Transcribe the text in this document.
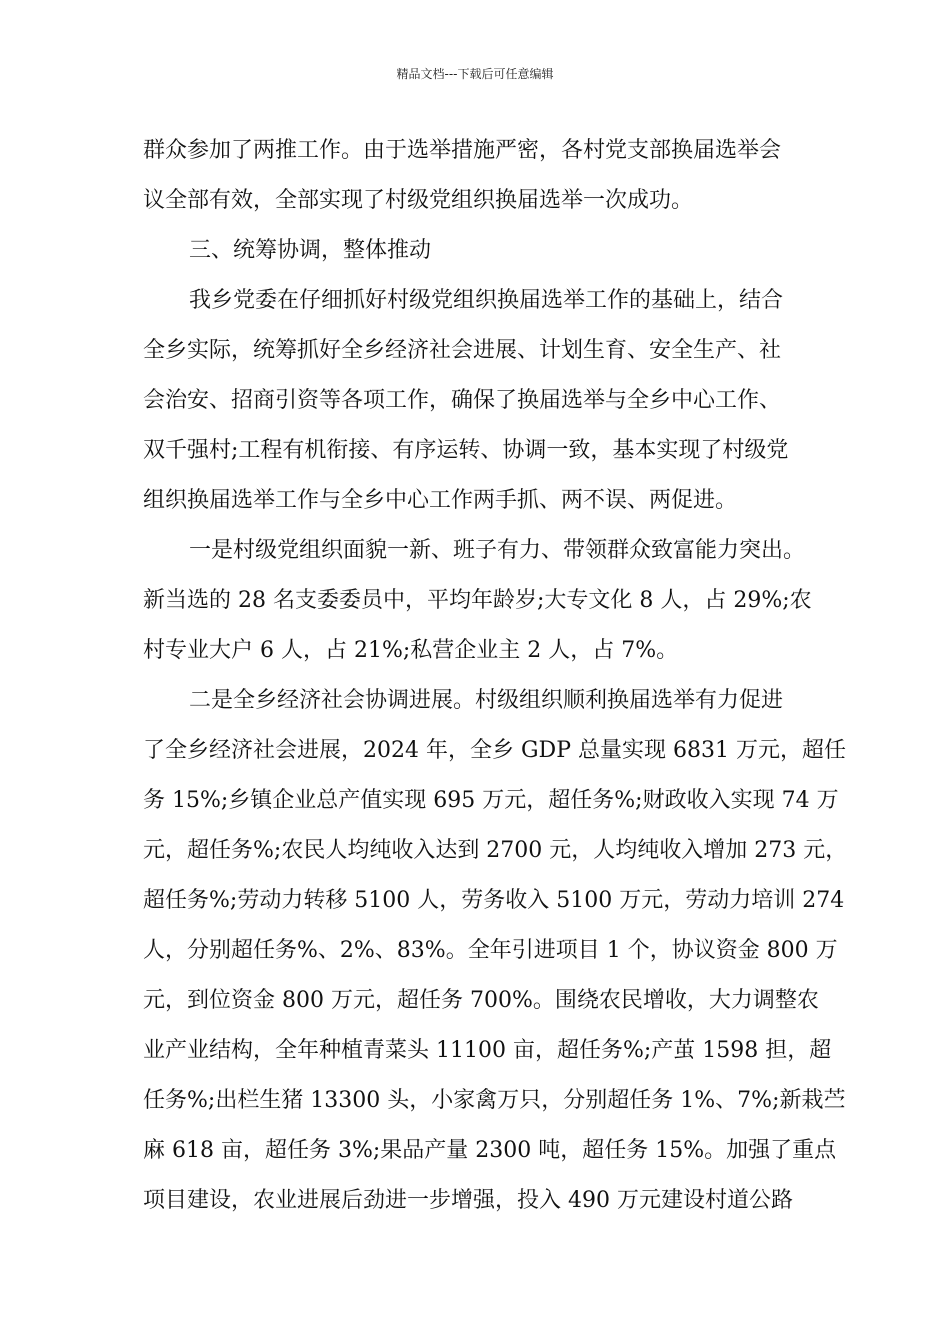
精品文档---下载后可任意编辑
群众参加了两推工作。由于选举措施严密，各村党支部换届选举会
议全部有效，全部实现了村级党组织换届选举一次成功。
三、统筹协调，整体推动
我乡党委在仔细抓好村级党组织换届选举工作的基础上，结合
全乡实际，统筹抓好全乡经济社会进展、计划生育、安全生产、社
会治安、招商引资等各项工作，确保了换届选举与全乡中心工作、
双千强村;工程有机衔接、有序运转、协调一致，基本实现了村级党
组织换届选举工作与全乡中心工作两手抓、两不误、两促进。
一是村级党组织面貌一新、班子有力、带领群众致富能力突出。
新当选的 28 名支委委员中，平均年龄岁;大专文化 8 人，占 29%;农
村专业大户 6 人，占 21%;私营企业主 2 人，占 7%。
二是全乡经济社会协调进展。村级组织顺利换届选举有力促进
了全乡经济社会进展，2024 年，全乡 GDP 总量实现 6831 万元，超任
务 15%;乡镇企业总产值实现 695 万元，超任务%;财政收入实现 74 万
元，超任务%;农民人均纯收入达到 2700 元，人均纯收入增加 273 元，
超任务%;劳动力转移 5100 人，劳务收入 5100 万元，劳动力培训 274
人，分别超任务%、2%、83%。全年引进项目 1 个，协议资金 800 万
元，到位资金 800 万元，超任务 700%。围绕农民增收，大力调整农
业产业结构，全年种植青菜头 11100 亩，超任务%;产茧 1598 担，超
任务%;出栏生猪 13300 头，小家禽万只，分别超任务 1%、7%;新栽苎
麻 618 亩，超任务 3%;果品产量 2300 吨，超任务 15%。加强了重点
项目建设，农业进展后劲进一步增强，投入 490 万元建设村道公路
